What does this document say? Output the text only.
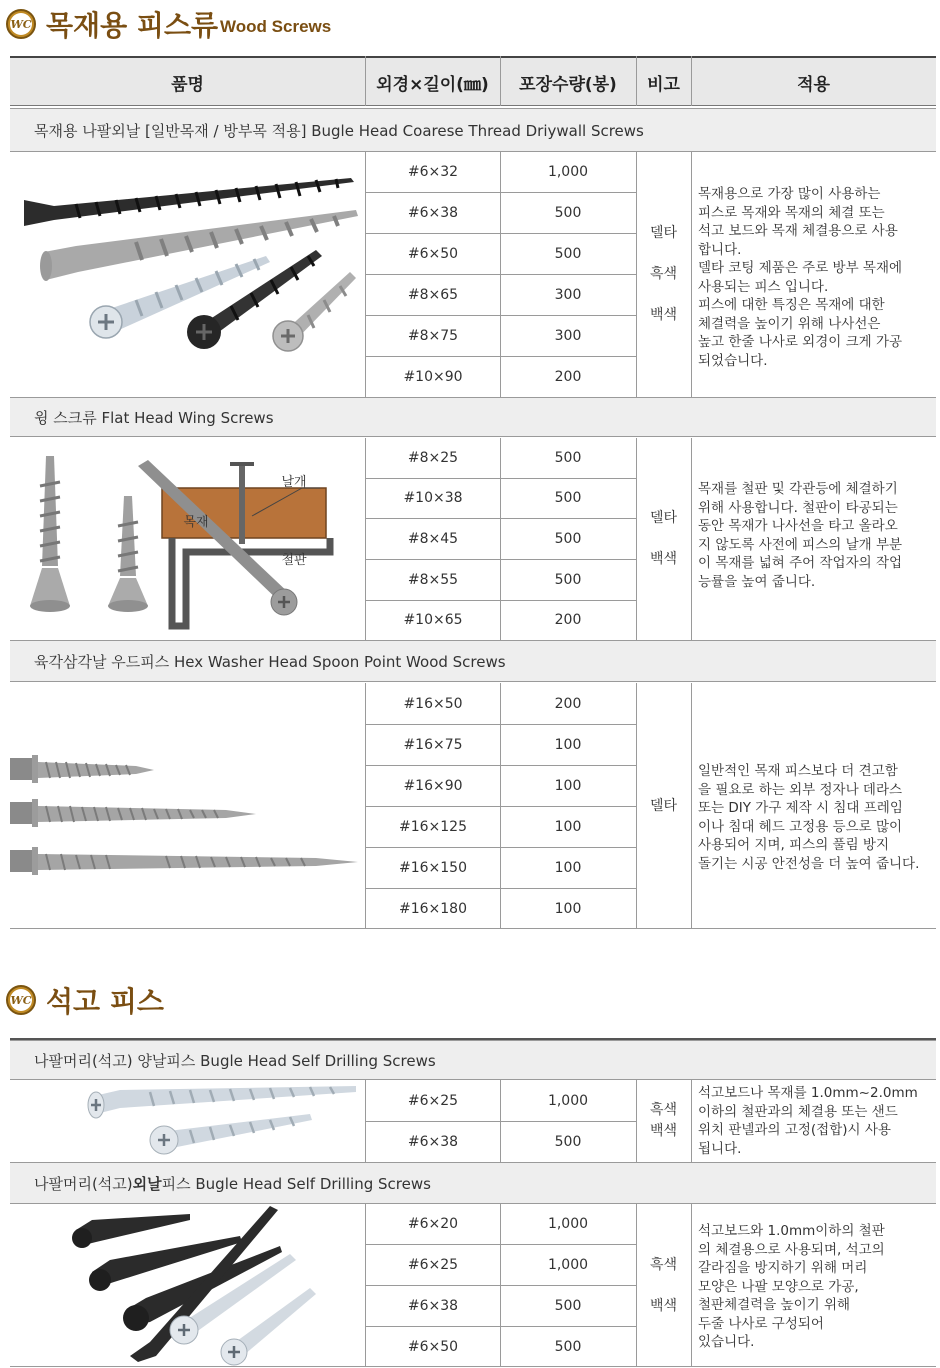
WC 목재용 피스류 Wood Screws
품명	외경×길이(㎜)	포장수량(봉)	비고	적용
목재용 나팔외날 [일반목재 / 방부목 적용] Bugle Head Coarese Thread Driywall Screws
#6×32	1,000
#6×38	500
#6×50	500
#8×65	300
#8×75	300
#10×90	200
델타
흑색
백색
목재용으로 가장 많이 사용하는
피스로 목재와 목재의 체결 또는
석고 보드와 목재 체결용으로 사용
합니다.
델타 코팅 제품은 주로 방부 목재에
사용되는 피스 입니다.
피스에 대한 특징은 목재에 대한
체결력을 높이기 위해 나사선은
높고 한줄 나사로 외경이 크게 가공
되었습니다.
윙 스크류 Flat Head Wing Screws
날개
목재
철판
#8×25	500
#10×38	500
#8×45	500
#8×55	500
#10×65	200
델타
백색
목재를 철판 및 각관등에 체결하기
위해 사용합니다. 철판이 타공되는
동안 목재가 나사선을 타고 올라오
지 않도록 사전에 피스의 날개 부분
이 목재를 넓혀 주어 작업자의 작업
능률을 높여 줍니다.
육각삼각날 우드피스 Hex Washer Head Spoon Point Wood Screws
#16×50	200
#16×75	100
#16×90	100
#16×125	100
#16×150	100
#16×180	100
델타
일반적인 목재 피스보다 더 견고함
을 필요로 하는 외부 정자나 데라스
또는 DIY 가구 제작 시 침대 프레임
이나 침대 헤드 고정용 등으로 많이
사용되어 지며, 피스의 풀림 방지
돌기는 시공 안전성을 더 높여 줍니다.
WC 석고 피스
나팔머리(석고) 양날피스 Bugle Head Self Drilling Screws
#6×25	1,000
#6×38	500
흑색
백색
석고보드나 목재를 1.0mm~2.0mm
이하의 철판과의 체결용 또는 샌드
위치 판넬과의 고정(접합)시 사용
됩니다.
나팔머리(석고) 외날 피스 Bugle Head Self Drilling Screws
#6×20	1,000
#6×25	1,000
#6×38	500
#6×50	500
흑색
백색
석고보드와 1.0mm이하의 철판
의 체결용으로 사용되며, 석고의
갈라짐을 방지하기 위해 머리
모양은 나팔 모양으로 가공,
철판체결력을 높이기 위해
두줄 나사로 구성되어
있습니다.
